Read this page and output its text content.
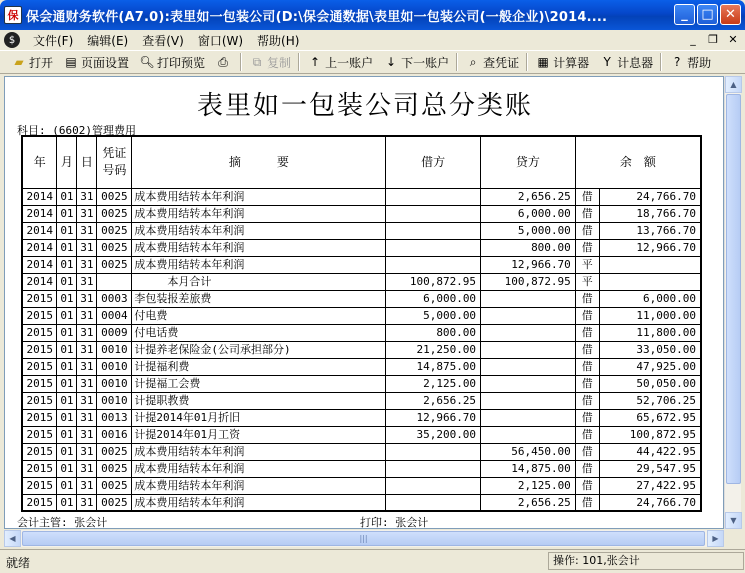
保 保会通财务软件(A7.0):表里如一包装公司(D:\保会通数据\表里如一包装公司(一般企业)\2014....	_	□ ✕
$	文件(F)	编辑(E)	查看(V)	窗口(W)	帮助(H)	_	❐ ✕
▰ 打开 ▤ 页面设置 🔍︎ 打印预览 ⎙	⧉ 复制 ↑ 上一账户 ↓ 下一账户	⌕ 查凭证 ▦ 计算器	Y 计息器	? 帮助
表里如一包装公司总分类账
科目: (6602)管理费用
年	月	日	凭证号码	摘　　　要	借方	贷方	余　额	
2014	01	31	0025	成本费用结转本年利润		2,656.25	借	24,766.70
2014	01	31	0025	成本费用结转本年利润		6,000.00	借	18,766.70
2014	01	31	0025	成本费用结转本年利润		5,000.00	借	13,766.70
2014	01	31	0025	成本费用结转本年利润		800.00	借	12,966.70
2014	01	31	0025	成本费用结转本年利润		12,966.70	平	
2014	01	31		　　　本月合计	100,872.95	100,872.95	平	
2015	01	31	0003	李包装报差旅费	6,000.00		借	6,000.00
2015	01	31	0004	付电费	5,000.00		借	11,000.00
2015	01	31	0009	付电话费	800.00		借	11,800.00
2015	01	31	0010	计提养老保险金(公司承担部分)	21,250.00		借	33,050.00
2015	01	31	0010	计提福利费	14,875.00		借	47,925.00
2015	01	31	0010	计提福工会费	2,125.00		借	50,050.00
2015	01	31	0010	计提职教费	2,656.25		借	52,706.25
2015	01	31	0013	计提2014年01月折旧	12,966.70		借	65,672.95
2015	01	31	0016	计提2014年01月工资	35,200.00		借	100,872.95
2015	01	31	0025	成本费用结转本年利润		56,450.00	借	44,422.95
2015	01	31	0025	成本费用结转本年利润		14,875.00	借	29,547.95
2015	01	31	0025	成本费用结转本年利润		2,125.00	借	27,422.95
2015	01	31	0025	成本费用结转本年利润		2,656.25	借	24,766.70
会计主管: 张会计	打印: 张会计
▲
▼
◀	|||	▶
就绪	操作: 101,张会计
